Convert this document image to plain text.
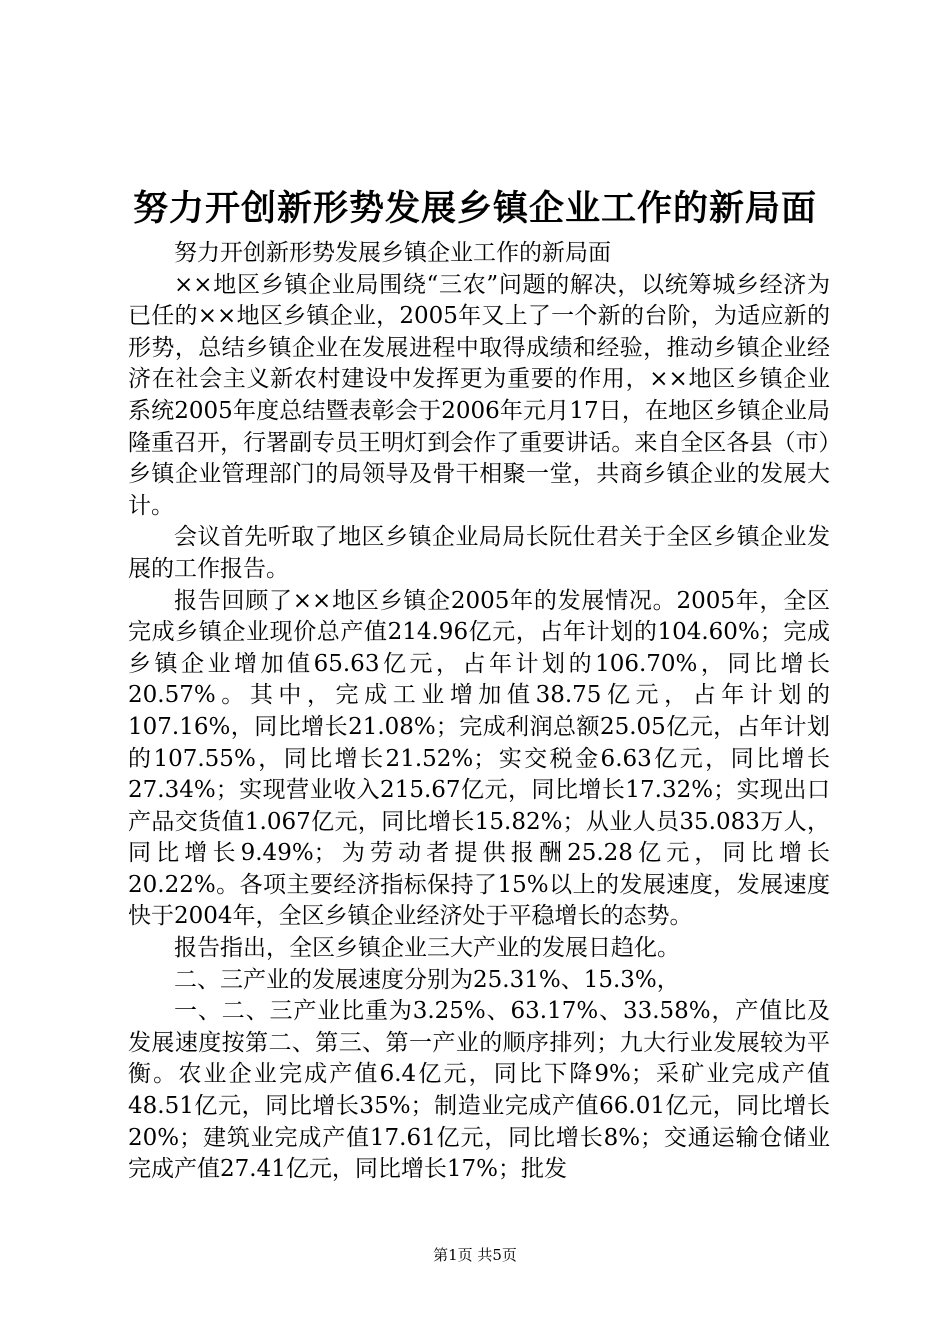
努力开创新形势发展乡镇企业工作的新局面

努力开创新形势发展乡镇企业工作的新局面

××地区乡镇企业局围绕“三农”问题的解决，以统筹城乡经济为已任的××地区乡镇企业，2005年又上了一个新的台阶，为适应新的形势，总结乡镇企业在发展进程中取得成绩和经验，推动乡镇企业经济在社会主义新农村建设中发挥更为重要的作用，××地区乡镇企业系统2005年度总结暨表彰会于2006年元月17日，在地区乡镇企业局隆重召开，行署副专员王明灯到会作了重要讲话。来自全区各县（市）乡镇企业管理部门的局领导及骨干相聚一堂，共商乡镇企业的发展大计。

会议首先听取了地区乡镇企业局局长阮仕君关于全区乡镇企业发展的工作报告。

报告回顾了××地区乡镇企2005年的发展情况。2005年，全区完成乡镇企业现价总产值214.96亿元，占年计划的104.60%；完成乡镇企业增加值65.63亿元，占年计划的106.70%，同比增长20.57%。其中，完成工业增加值38.75亿元，占年计划的107.16%，同比增长21.08%；完成利润总额25.05亿元，占年计划的107.55%，同比增长21.52%；实交税金6.63亿元，同比增长27.34%；实现营业收入215.67亿元，同比增长17.32%；实现出口产品交货值1.067亿元，同比增长15.82%；从业人员35.083万人，同比增长9.49%；为劳动者提供报酬25.28亿元，同比增长20.22%。各项主要经济指标保持了15%以上的发展速度，发展速度快于2004年，全区乡镇企业经济处于平稳增长的态势。

报告指出，全区乡镇企业三大产业的发展日趋化。

二、三产业的发展速度分别为25.31%、15.3%，

一、二、三产业比重为3.25%、63.17%、33.58%，产值比及发展速度按第二、第三、第一产业的顺序排列；九大行业发展较为平衡。农业企业完成产值6.4亿元，同比下降9%；采矿业完成产值48.51亿元，同比增长35%；制造业完成产值66.01亿元，同比增长20%；建筑业完成产值17.61亿元，同比增长8%；交通运输仓储业完成产值27.41亿元，同比增长17%；批发

第1页 共5页
